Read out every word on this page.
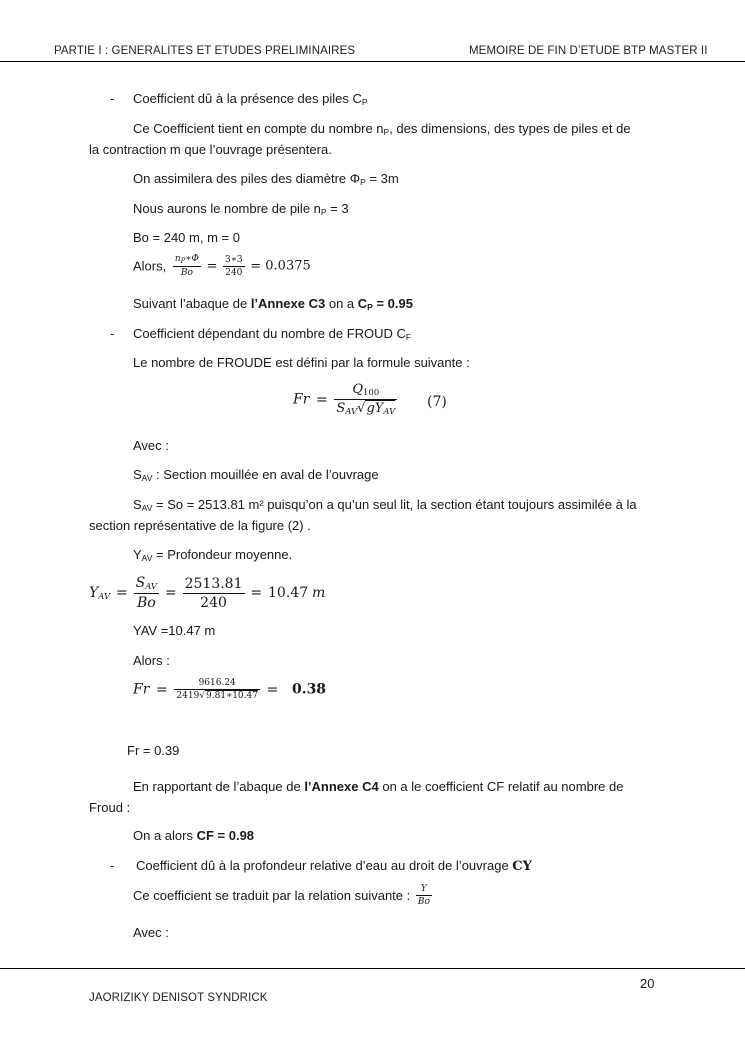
PARTIE I : GENERALITES ET ETUDES PRELIMINAIRES	MEMOIRE DE FIN D’ETUDE BTP MASTER II
- Coefficient dû à la présence des piles $C_P$
Ce Coefficient tient en compte du nombre $n_P$, des dimensions, des types de piles et de
la contraction m que l’ouvrage présentera.
On assimilera des piles des diamètre $\Phi_P = 3m$
Nous aurons le nombre de pile $n_P = 3$
Bo = 240 m, m = 0
Alors, $\frac{n_P∗\Phi}{Bo} = \frac{3∗3}{240} = 0.0375$
Suivant l’abaque de l’Annexe C3 on a $C_P = 0.95$
- Coefficient dépendant du nombre de FROUD $C_F$
Le nombre de FROUDE est défini par la formule suivante :
$Fr = \frac{Q_{100}}{S_{AV}√gY_{AV}} (7)$
Avec :
$S_{AV}$ : Section mouillée en aval de l’ouvrage
$S_{AV} = So = 2513.81$ m² puisqu’on a qu’un seul lit, la section étant toujours assimilée à la
section représentative de la figure (2) .
$Y_{AV}$ = Profondeur moyenne.
$Y_{AV} = \frac{S_{AV}}{Bo} = \frac{2513.81}{240} = 10.47$ m
YAV =10.47 m
Alors :
$Fr = \frac{9616.24}{2419√9.81∗10.47} = 0.38$
Fr = 0.39
En rapportant de l’abaque de l’Annexe C4 on a le coefficient CF relatif au nombre de
Froud :
On a alors CF = 0.98
- Coefficient dû à la profondeur relative d’eau au droit de l’ouvrage CY
Ce coefficient se traduit par la relation suivante : $\frac{Y}{Bo}$
Avec :
20
JAORIZIKY DENISOT SYNDRICK
